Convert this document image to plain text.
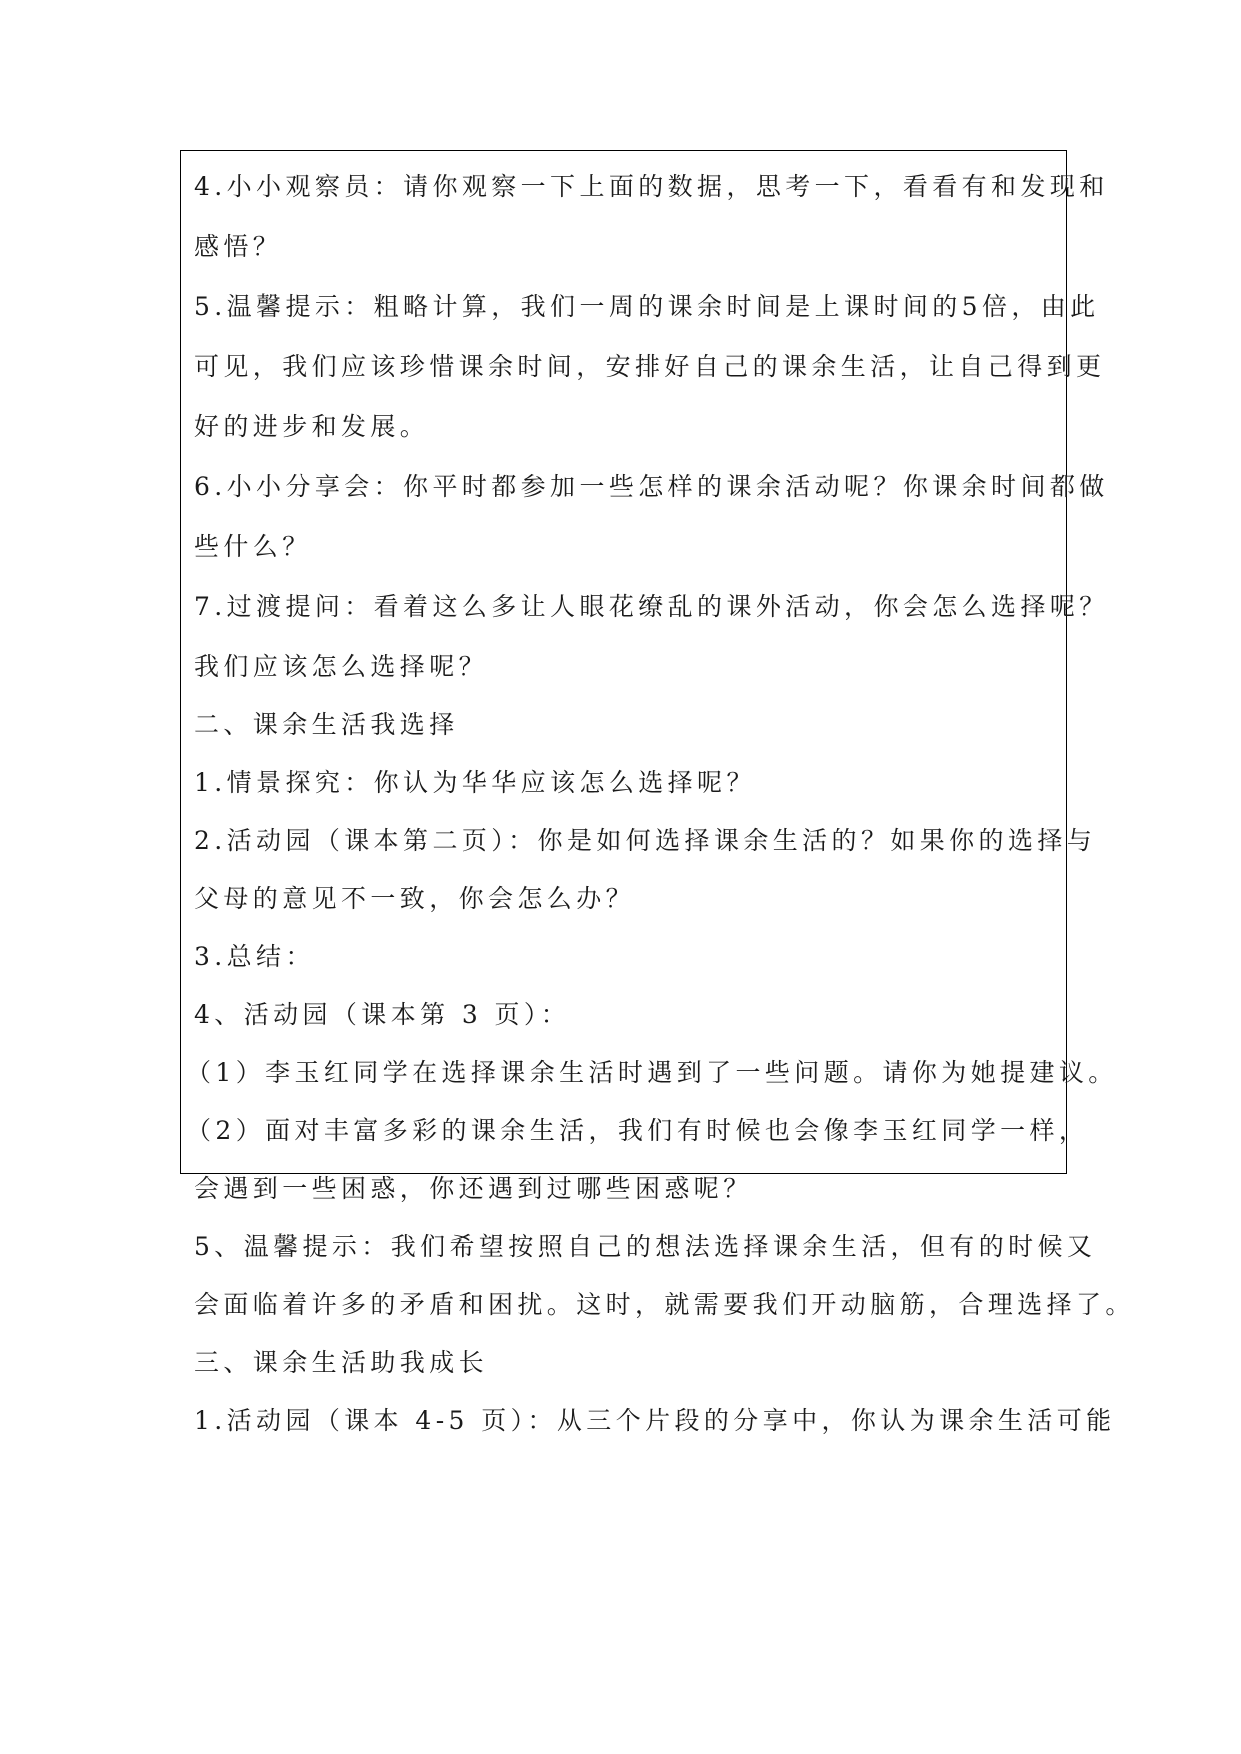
4.小小观察员：请你观察一下上面的数据，思考一下，看看有和发现和
感悟？
5.温馨提示：粗略计算，我们一周的课余时间是上课时间的5倍，由此
可见，我们应该珍惜课余时间，安排好自己的课余生活，让自己得到更
好的进步和发展。
6.小小分享会：你平时都参加一些怎样的课余活动呢？你课余时间都做
些什么？
7.过渡提问：看着这么多让人眼花缭乱的课外活动，你会怎么选择呢？
我们应该怎么选择呢？
二、课余生活我选择
1.情景探究：你认为华华应该怎么选择呢？
2.活动园（课本第二页）：你是如何选择课余生活的？如果你的选择与
父母的意见不一致，你会怎么办？
3.总结：
4、活动园（课本第 3 页）：
（1）李玉红同学在选择课余生活时遇到了一些问题。请你为她提建议。
（2）面对丰富多彩的课余生活，我们有时候也会像李玉红同学一样，
会遇到一些困惑，你还遇到过哪些困惑呢？
5、温馨提示：我们希望按照自己的想法选择课余生活，但有的时候又
会面临着许多的矛盾和困扰。这时，就需要我们开动脑筋，合理选择了。
三、课余生活助我成长
1.活动园（课本 4-5 页）：从三个片段的分享中，你认为课余生活可能
